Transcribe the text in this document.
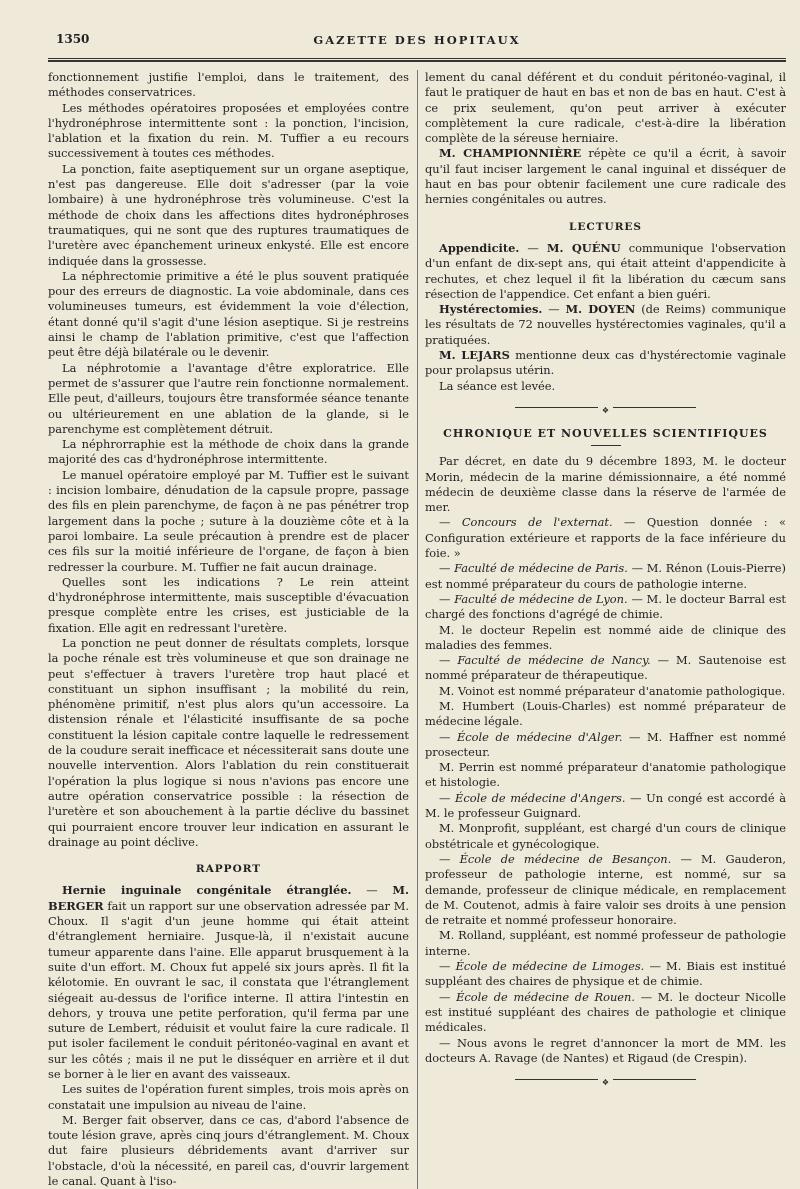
1350	GAZETTE DES HOPITAUX

fonctionnement justifie l'emploi, dans le traitement, des méthodes conservatrices.

Les méthodes opératoires proposées et employées contre l'hydronéphrose intermittente sont : la ponction, l'incision, l'ablation et la fixation du rein. M. Tuffier a eu recours successivement à toutes ces méthodes.

La ponction, faite aseptiquement sur un organe aseptique, n'est pas dangereuse. Elle doit s'adresser (par la voie lombaire) à une hydronéphrose très volumineuse. C'est la méthode de choix dans les affections dites hydronéphroses traumatiques, qui ne sont que des ruptures traumatiques de l'uretère avec épanchement urineux enkysté. Elle est encore indiquée dans la grossesse.

La néphrectomie primitive a été le plus souvent pratiquée pour des erreurs de diagnostic. La voie abdominale, dans ces volumineuses tumeurs, est évidemment la voie d'élection, étant donné qu'il s'agit d'une lésion aseptique. Si je restreins ainsi le champ de l'ablation primitive, c'est que l'affection peut être déjà bilatérale ou le devenir.

La néphrotomie a l'avantage d'être exploratrice. Elle permet de s'assurer que l'autre rein fonctionne normalement. Elle peut, d'ailleurs, toujours être transformée séance tenante ou ultérieurement en une ablation de la glande, si le parenchyme est complètement détruit.

La néphrorraphie est la méthode de choix dans la grande majorité des cas d'hydronéphrose intermittente.

Le manuel opératoire employé par M. Tuffier est le suivant : incision lombaire, dénudation de la capsule propre, passage des fils en plein parenchyme, de façon à ne pas pénétrer trop largement dans la poche ; suture à la douzième côte et à la paroi lombaire. La seule précaution à prendre est de placer ces fils sur la moitié inférieure de l'organe, de façon à bien redresser la courbure. M. Tuffier ne fait aucun drainage.

Quelles sont les indications ? Le rein atteint d'hydronéphrose intermittente, mais susceptible d'évacuation presque complète entre les crises, est justiciable de la fixation. Elle agit en redressant l'uretère.

La ponction ne peut donner de résultats complets, lorsque la poche rénale est très volumineuse et que son drainage ne peut s'effectuer à travers l'uretère trop haut placé et constituant un siphon insuffisant ; la mobilité du rein, phénomène primitif, n'est plus alors qu'un accessoire. La distension rénale et l'élasticité insuffisante de sa poche constituent la lésion capitale contre laquelle le redressement de la coudure serait inefficace et nécessiterait sans doute une nouvelle intervention. Alors l'ablation du rein constituerait l'opération la plus logique si nous n'avions pas encore une autre opération conservatrice possible : la résection de l'uretère et son abouchement à la partie déclive du bassinet qui pourraient encore trouver leur indication en assurant le drainage au point déclive.

RAPPORT

Hernie inguinale congénitale étranglée. — M. BERGER fait un rapport sur une observation adressée par M. Choux. Il s'agit d'un jeune homme qui était atteint d'étranglement herniaire. Jusque-là, il n'existait aucune tumeur apparente dans l'aine. Elle apparut brusquement à la suite d'un effort. M. Choux fut appelé six jours après. Il fit la kélotomie. En ouvrant le sac, il constata que l'étranglement siégeait au-dessus de l'orifice interne. Il attira l'intestin en dehors, y trouva une petite perforation, qu'il ferma par une suture de Lembert, réduisit et voulut faire la cure radicale. Il put isoler facilement le conduit péritonéo-vaginal en avant et sur les côtés ; mais il ne put le disséquer en arrière et il dut se borner à le lier en avant des vaisseaux.

Les suites de l'opération furent simples, trois mois après on constatait une impulsion au niveau de l'aine.

M. Berger fait observer, dans ce cas, d'abord l'absence de toute lésion grave, après cinq jours d'étranglement. M. Choux dut faire plusieurs débridements avant d'arriver sur l'obstacle, d'où la nécessité, en pareil cas, d'ouvrir largement le canal. Quant à l'iso-

lement du canal déférent et du conduit péritonéo-vaginal, il faut le pratiquer de haut en bas et non de bas en haut. C'est à ce prix seulement, qu'on peut arriver à exécuter complètement la cure radicale, c'est-à-dire la libération complète de la séreuse herniaire.

M. CHAMPIONNIÈRE répète ce qu'il a écrit, à savoir qu'il faut inciser largement le canal inguinal et disséquer de haut en bas pour obtenir facilement une cure radicale des hernies congénitales ou autres.

LECTURES

Appendicite. — M. QUÉNU communique l'observation d'un enfant de dix-sept ans, qui était atteint d'appendicite à rechutes, et chez lequel il fit la libération du cæcum sans résection de l'appendice. Cet enfant a bien guéri.

Hystérectomies. — M. DOYEN (de Reims) communique les résultats de 72 nouvelles hystérectomies vaginales, qu'il a pratiquées.

M. LEJARS mentionne deux cas d'hystérectomie vaginale pour prolapsus utérin.

La séance est levée.

❖
CHRONIQUE ET NOUVELLES SCIENTIFIQUES

Par décret, en date du 9 décembre 1893, M. le docteur Morin, médecin de la marine démissionnaire, a été nommé médecin de deuxième classe dans la réserve de l'armée de mer.

— Concours de l'externat. — Question donnée : « Configuration extérieure et rapports de la face inférieure du foie. »

— Faculté de médecine de Paris. — M. Rénon (Louis-Pierre) est nommé préparateur du cours de pathologie interne.

— Faculté de médecine de Lyon. — M. le docteur Barral est chargé des fonctions d'agrégé de chimie.

M. le docteur Repelin est nommé aide de clinique des maladies des femmes.

— Faculté de médecine de Nancy. — M. Sautenoise est nommé préparateur de thérapeutique.

M. Voinot est nommé préparateur d'anatomie pathologique.

M. Humbert (Louis-Charles) est nommé préparateur de médecine légale.

— École de médecine d'Alger. — M. Haffner est nommé prosecteur.

M. Perrin est nommé préparateur d'anatomie pathologique et histologie.

— École de médecine d'Angers. — Un congé est accordé à M. le professeur Guignard.

M. Monprofit, suppléant, est chargé d'un cours de clinique obstétricale et gynécologique.

— École de médecine de Besançon. — M. Gauderon, professeur de pathologie interne, est nommé, sur sa demande, professeur de clinique médicale, en remplacement de M. Coutenot, admis à faire valoir ses droits à une pension de retraite et nommé professeur honoraire.

M. Rolland, suppléant, est nommé professeur de pathologie interne.

— École de médecine de Limoges. — M. Biais est institué suppléant des chaires de physique et de chimie.

— École de médecine de Rouen. — M. le docteur Nicolle est institué suppléant des chaires de pathologie et clinique médicales.

— Nous avons le regret d'annoncer la mort de MM. les docteurs A. Ravage (de Nantes) et Rigaud (de Crespin).

❖
